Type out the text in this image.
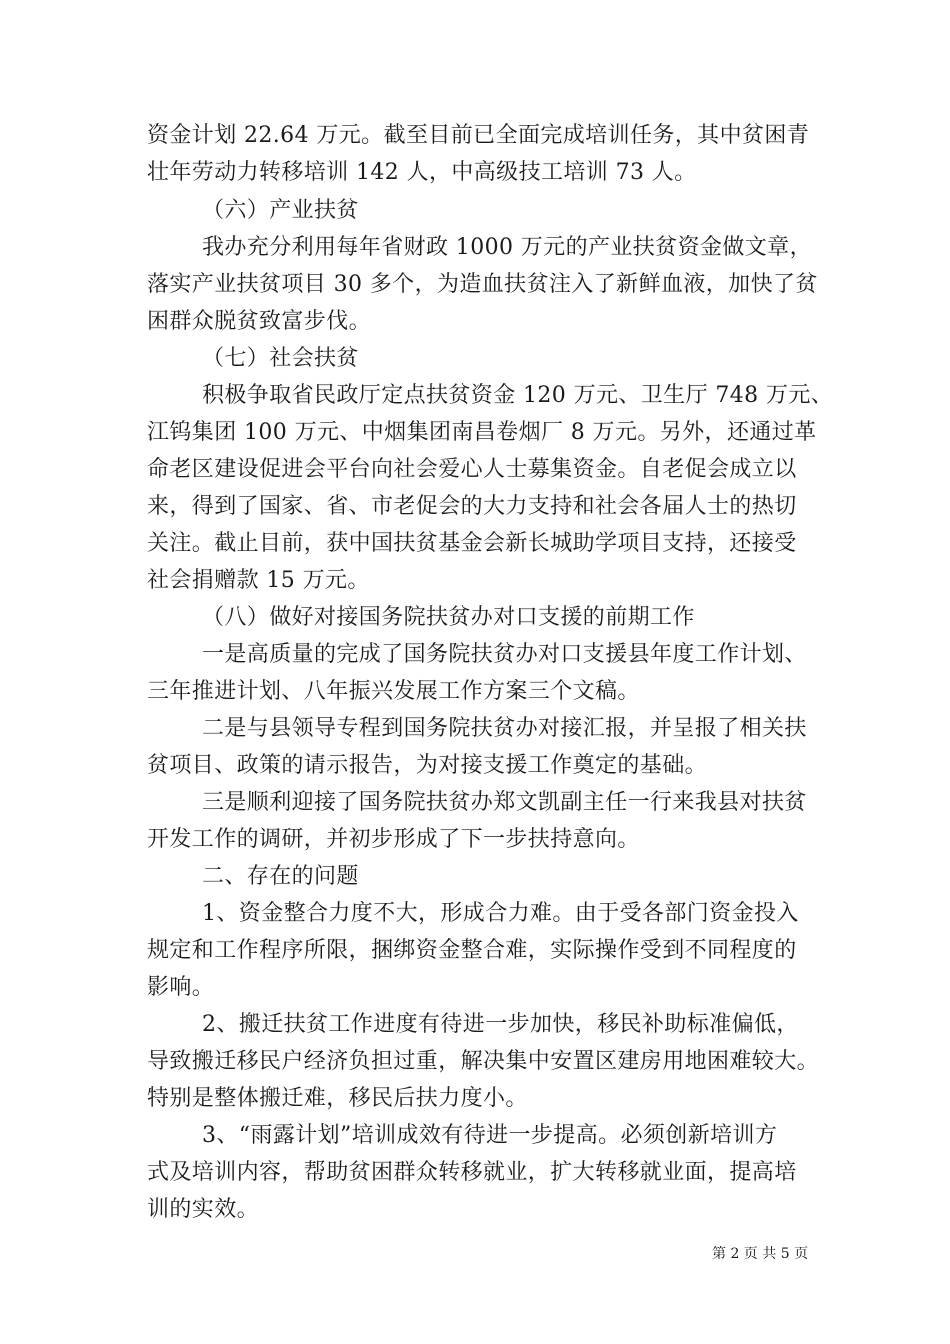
资金计划 22.64 万元。截至目前已全面完成培训任务，其中贫困青
壮年劳动力转移培训 142 人，中高级技工培训 73 人。
（六）产业扶贫
我办充分利用每年省财政 1000 万元的产业扶贫资金做文章，
落实产业扶贫项目 30 多个，为造血扶贫注入了新鲜血液，加快了贫
困群众脱贫致富步伐。
（七）社会扶贫
积极争取省民政厅定点扶贫资金 120 万元、卫生厅 748 万元、
江钨集团 100 万元、中烟集团南昌卷烟厂 8 万元。另外，还通过革
命老区建设促进会平台向社会爱心人士募集资金。自老促会成立以
来，得到了国家、省、市老促会的大力支持和社会各届人士的热切
关注。截止目前，获中国扶贫基金会新长城助学项目支持，还接受
社会捐赠款 15 万元。
（八）做好对接国务院扶贫办对口支援的前期工作
一是高质量的完成了国务院扶贫办对口支援县年度工作计划、
三年推进计划、八年振兴发展工作方案三个文稿。
二是与县领导专程到国务院扶贫办对接汇报，并呈报了相关扶
贫项目、政策的请示报告，为对接支援工作奠定的基础。
三是顺利迎接了国务院扶贫办郑文凯副主任一行来我县对扶贫
开发工作的调研，并初步形成了下一步扶持意向。
二、存在的问题
1、资金整合力度不大，形成合力难。由于受各部门资金投入
规定和工作程序所限，捆绑资金整合难，实际操作受到不同程度的
影响。
2、搬迁扶贫工作进度有待进一步加快，移民补助标准偏低，
导致搬迁移民户经济负担过重，解决集中安置区建房用地困难较大。
特别是整体搬迁难，移民后扶力度小。
3、“雨露计划”培训成效有待进一步提高。必须创新培训方
式及培训内容，帮助贫困群众转移就业，扩大转移就业面，提高培
训的实效。
第 2 页 共 5 页
